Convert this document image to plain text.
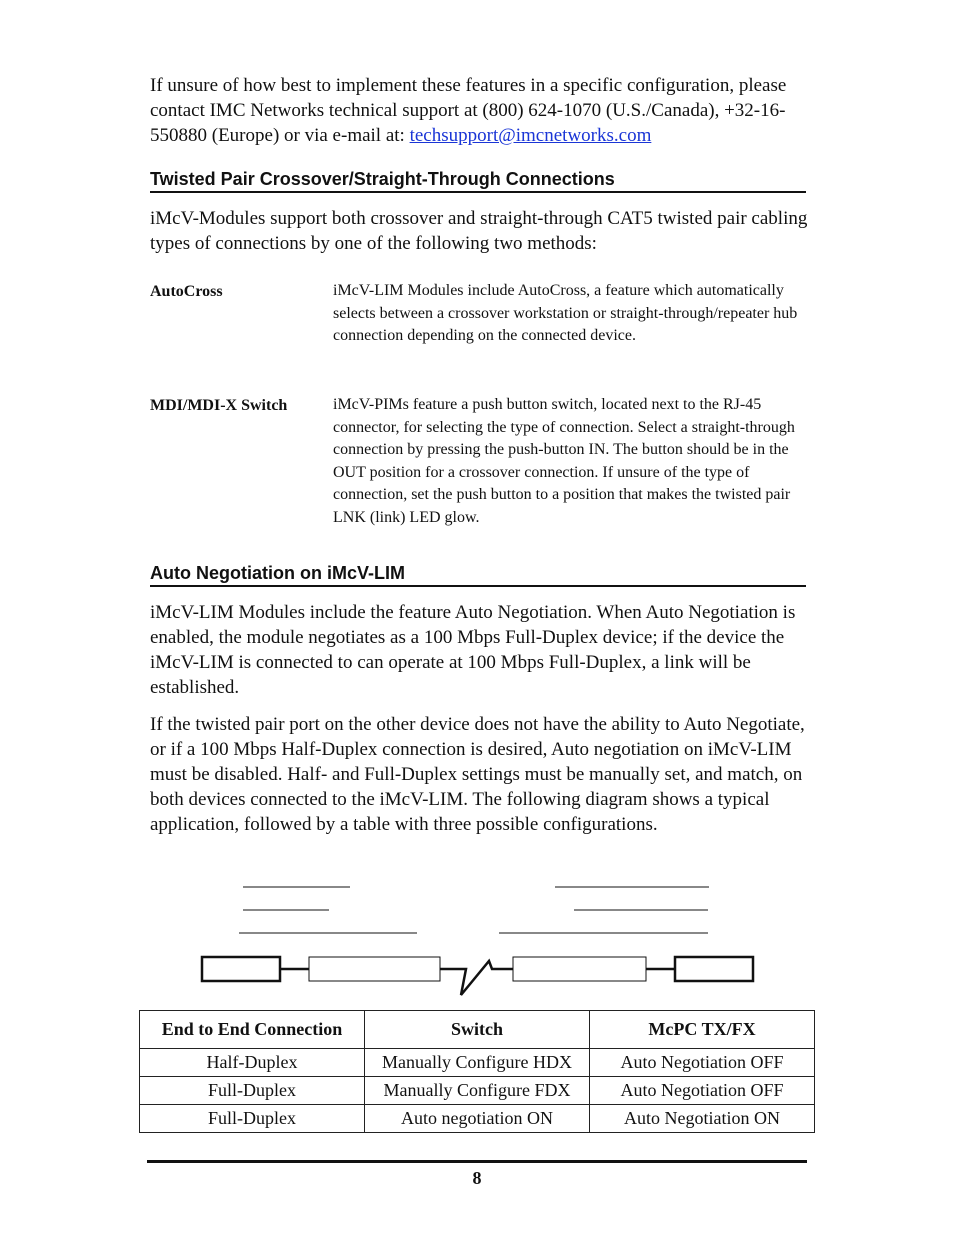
If unsure of how best to implement these features in a specific configuration, please contact IMC Networks technical support at (800) 624-1070 (U.S./Canada), +32-16-550880 (Europe) or via e-mail at: techsupport@imcnetworks.com

Twisted Pair Crossover/Straight-Through Connections

iMcV-Modules support both crossover and straight-through CAT5 twisted pair cabling types of connections by one of the following two methods:

AutoCross	iMcV-LIM Modules include AutoCross, a feature which automatically selects between a crossover workstation or straight-through/repeater hub connection depending on the connected device.
MDI/MDI-X Switch	iMcV-PIMs feature a push button switch, located next to the RJ-45 connector, for selecting the type of connection. Select a straight-through connection by pressing the push-button IN. The button should be in the OUT position for a crossover connection. If unsure of the type of connection, set the push button to a position that makes the twisted pair LNK (link) LED glow.
Auto Negotiation on iMcV-LIM

iMcV-LIM Modules include the feature Auto Negotiation. When Auto Negotiation is enabled, the module negotiates as a 100 Mbps Full-Duplex device; if the device the iMcV-LIM is connected to can operate at 100 Mbps Full-Duplex, a link will be established.

If the twisted pair port on the other device does not have the ability to Auto Negotiate, or if a 100 Mbps Half-Duplex connection is desired, Auto negotiation on iMcV-LIM must be disabled. Half- and Full-Duplex settings must be manually set, and match, on both devices connected to the iMcV-LIM. The following diagram shows a typical application, followed by a table with three possible configurations.

End to End Connection	Switch	McPC TX/FX
Half-Duplex	Manually Configure HDX	Auto Negotiation OFF
Full-Duplex	Manually Configure FDX	Auto Negotiation OFF
Full-Duplex	Auto negotiation ON	Auto Negotiation ON
8
